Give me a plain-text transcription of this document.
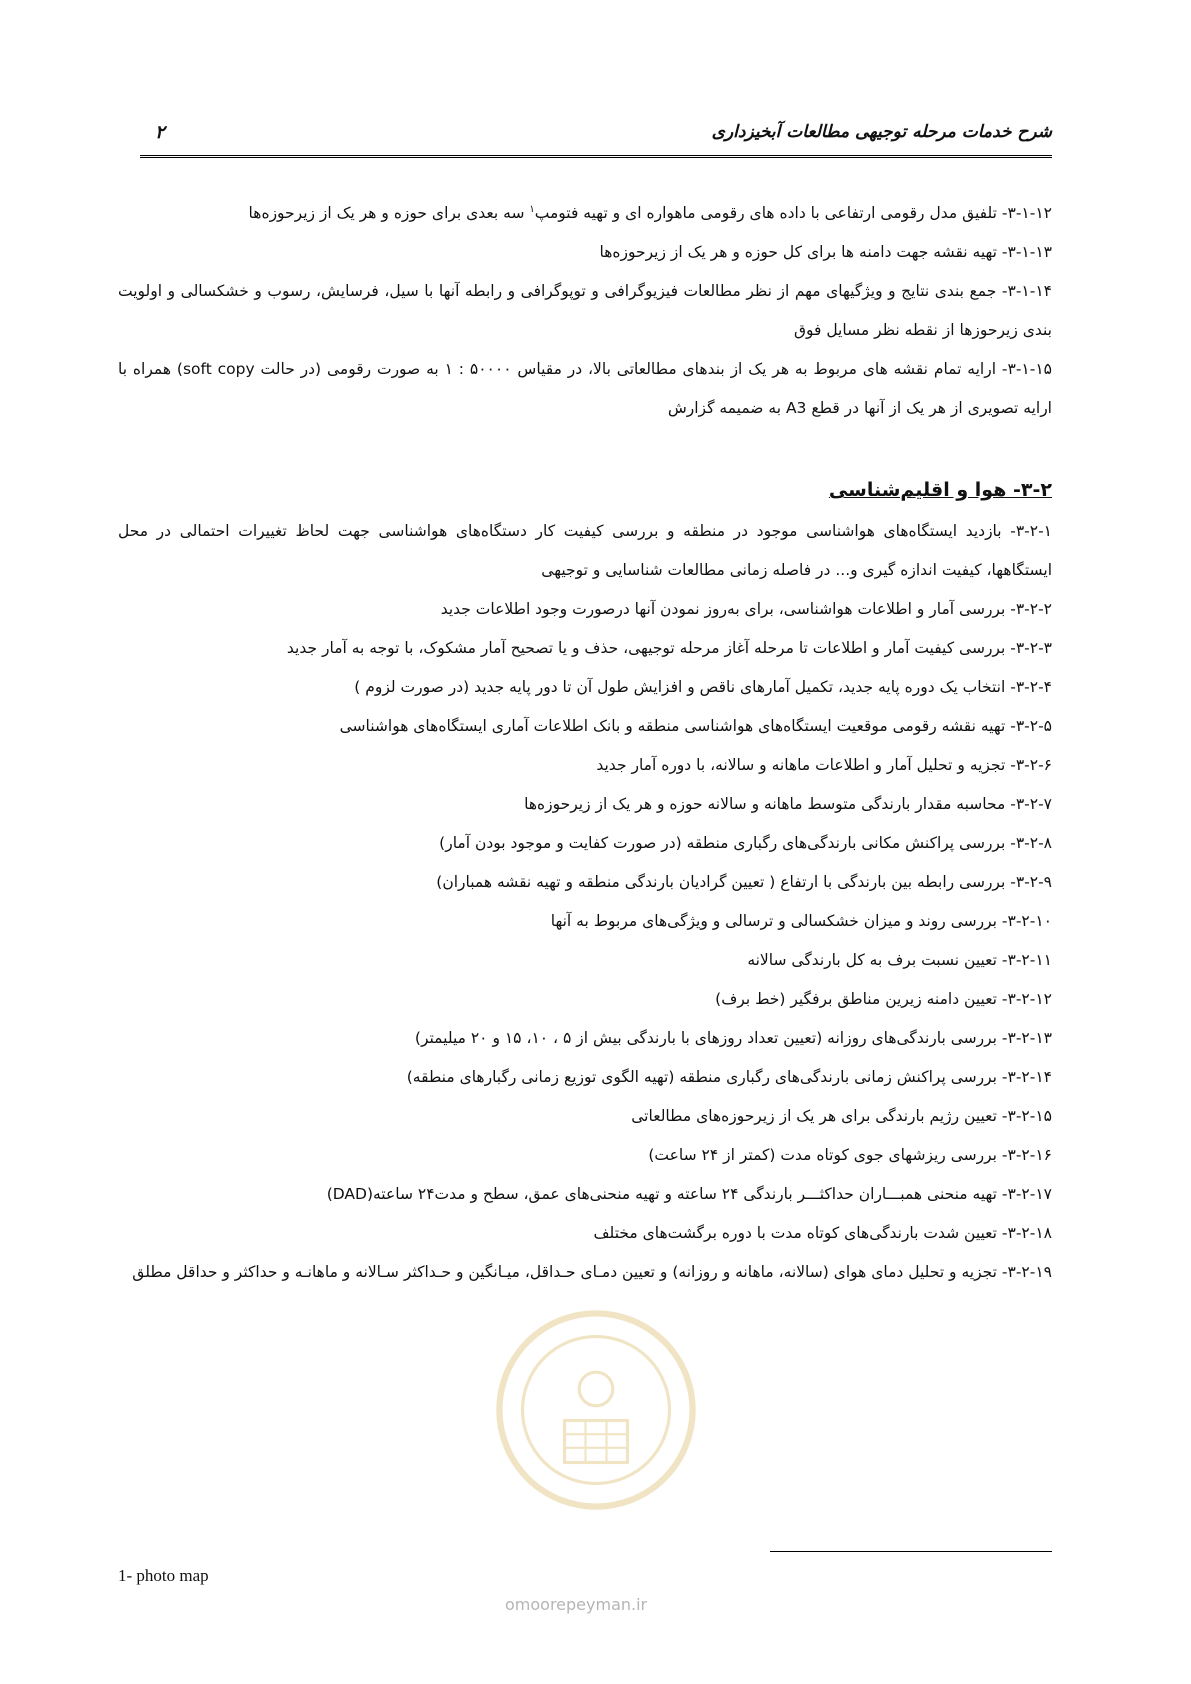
شرح خدمات مرحله توجیهی مطالعات آبخیزداری
۲

۳-۱-۱۲- تلفیق مدل رقومی ارتفاعی با داده های رقومی ماهواره ای و تهیه فتومپ$^۱$ سه بعدی برای حوزه و هر یک از زیرحوزه‌ها

۳-۱-۱۳- تهیه نقشه جهت دامنه ها برای کل حوزه و هر یک از زیرحوزه‌ها

۳-۱-۱۴- جمع بندی نتایج و ویژگیهای مهم از نظر مطالعات فیزیوگرافی و توپوگرافی و رابطه آنها با سیل، فرسایش، رسوب و خشکسالی و اولویت بندی زیرحوزها از نقطه نظر مسایل فوق

۳-۱-۱۵- ارایه تمام نقشه های مربوط به هر یک از بندهای مطالعاتی بالا، در مقیاس ۵۰۰۰۰ : ۱ به صورت رقومی (در حالت soft copy) همراه با ارایه تصویری از هر یک از آنها در قطع A3 به ضمیمه گزارش

۳-۲- هوا و اقلیم‌شناسی

۳-۲-۱- بازدید ایستگاه‌های هواشناسی موجود در منطقه و بررسی کیفیت کار دستگاه‌های هواشناسی جهت لحاظ تغییرات احتمالی در محل ایستگاهها، کیفیت اندازه گیری و... در فاصله زمانی مطالعات شناسایی و توجیهی

۳-۲-۲- بررسی آمار و اطلاعات هواشناسی، برای به‌روز نمودن آنها درصورت وجود اطلاعات جدید

۳-۲-۳- بررسی کیفیت آمار و اطلاعات تا مرحله آغاز مرحله توجیهی، حذف و یا تصحیح آمار مشکوک، با توجه به آمار جدید

۳-۲-۴- انتخاب یک دوره پایه جدید، تکمیل آمارهای ناقص و افزایش طول آن تا دور پایه جدید (در صورت لزوم )

۳-۲-۵- تهیه نقشه رقومی موقعیت ایستگاه‌های هواشناسی منطقه و بانک اطلاعات آماری ایستگاه‌های هواشناسی

۳-۲-۶- تجزیه و تحلیل آمار و اطلاعات ماهانه و سالانه، با دوره آمار جدید

۳-۲-۷- محاسبه مقدار بارندگی متوسط ماهانه و سالانه حوزه و هر یک از زیرحوزه‌ها

۳-۲-۸- بررسی پراکنش مکانی بارندگی‌های رگباری منطقه (در صورت کفایت و موجود بودن آمار)

۳-۲-۹- بررسی رابطه بین بارندگی با ارتفاع ( تعیین گرادیان بارندگی منطقه و تهیه نقشه همباران)

۳-۲-۱۰- بررسی روند و میزان خشکسالی و ترسالی و ویژگی‌های مربوط به آنها

۳-۲-۱۱- تعیین نسبت برف به کل بارندگی سالانه

۳-۲-۱۲- تعیین دامنه زیرین مناطق برفگیر (خط برف)

۳-۲-۱۳- بررسی بارندگی‌های روزانه (تعیین تعداد روزهای با بارندگی بیش از ۵ ، ۱۰، ۱۵ و ۲۰ میلیمتر)

۳-۲-۱۴- بررسی پراکنش زمانی بارندگی‌های رگباری منطقه (تهیه الگوی توزیع زمانی رگبارهای منطقه)

۳-۲-۱۵- تعیین رژیم بارندگی برای هر یک از زیرحوزه‌های مطالعاتی

۳-۲-۱۶- بررسی ریزشهای جوی کوتاه مدت (کمتر از ۲۴ ساعت)

۳-۲-۱۷- تهیه منحنی همبـــاران حداکثـــر بارندگی ۲۴ ساعته و تهیه منحنی‌های عمق، سطح و مدت۲۴ ساعته(DAD)

۳-۲-۱۸- تعیین شدت بارندگی‌های کوتاه مدت با دوره برگشت‌های مختلف

۳-۲-۱۹- تجزیه و تحلیل دمای هوای (سالانه، ماهانه و روزانه) و تعیین دمـای حـداقل، میـانگین و حـداکثر سـالانه و ماهانـه و حداکثر و حداقل مطلق

1- photo map
omoorepeyman.ir
